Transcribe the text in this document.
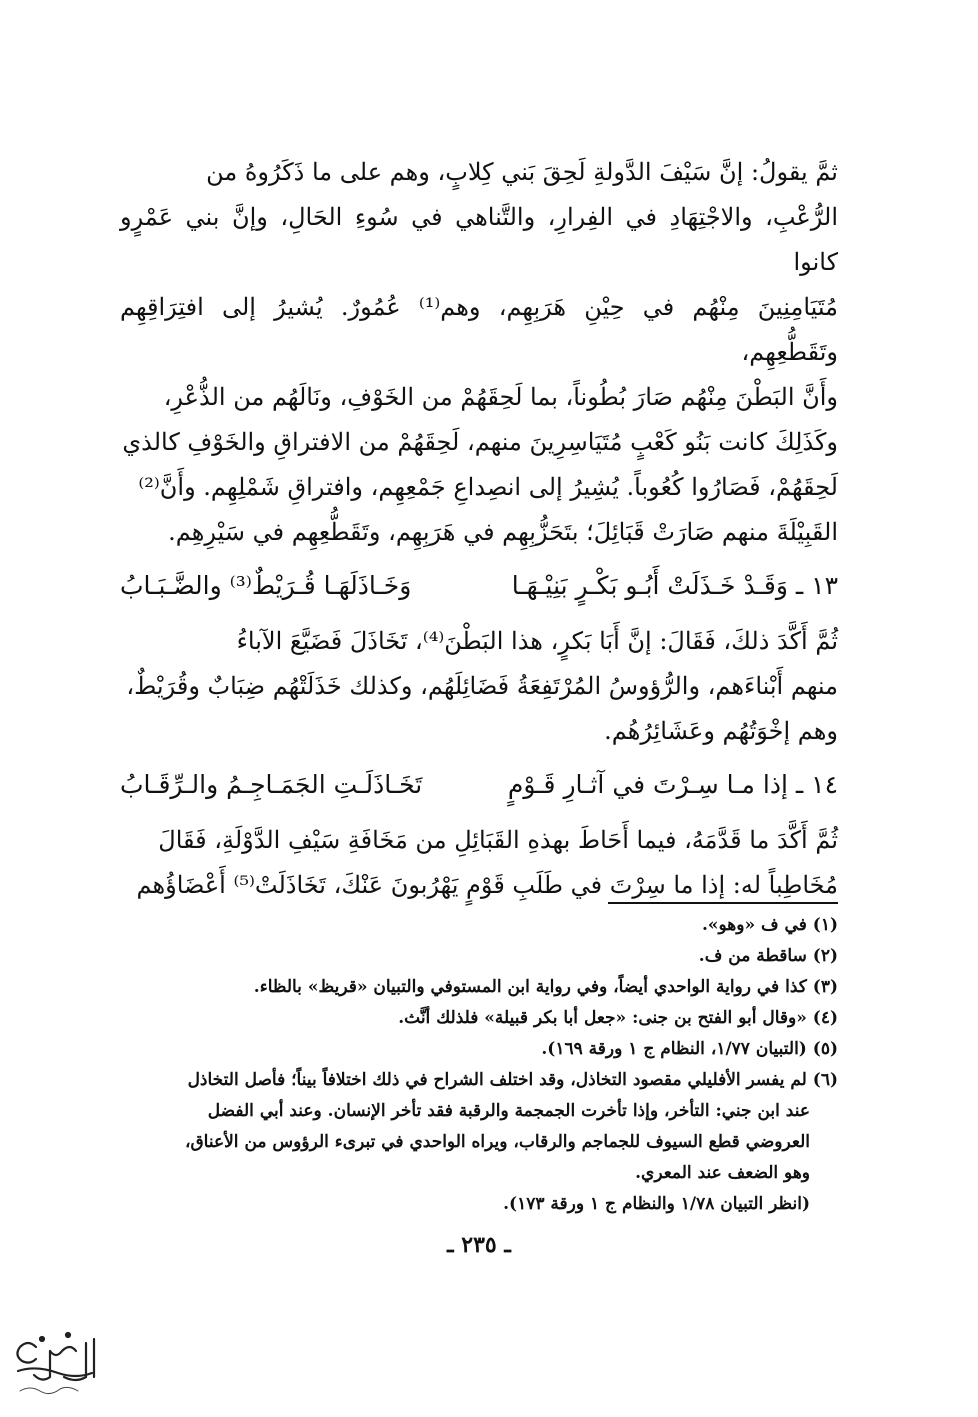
ثمَّ يقولُ: إنَّ سَيْفَ الدَّولةِ لَحِقَ بَني كِلابٍ، وهم على ما ذَكَرُوهُ من

الرُّعْبِ، والاجْتِهَادِ في الفِرارِ، والتَّناهي في سُوءِ الحَالِ، وإنَّ بني عَمْرٍو كانوا

مُتَيَامِنِينَ مِنْهُم في حِيْنِ هَرَبِهِم، وهم⁽¹⁾ عُمُورٌ. يُشيرُ إلى افتِرَاقِهِم وتَقَطُّعِهِم،

وأَنَّ البَطْنَ مِنْهُم صَارَ بُطُوناً، بما لَحِقَهُمْ من الخَوْفِ، ونَالَهُم من الذُّعْرِ،

وكَذَلِكَ كانت بَنُو كَعْبٍ مُتَيَاسِرِينَ منهم، لَحِقَهُمْ من الافتراقِ والخَوْفِ كالذي

لَحِقَهُمْ، فَصَارُوا كُعُوباً. يُشِيرُ إلى انصِداعِ جَمْعِهِم، وافتراقِ شَمْلِهِم. وأَنَّ⁽²⁾

القَبِيْلَةَ منهم صَارَتْ قَبَائِلَ؛ بتَحَزُّبِهِم في هَرَبِهِم، وتَقَطُّعِهِم في سَيْرِهِم.

١٣ ـ وَقَـدْ خَـذَلَتْ أَبُـو بَكْـرٍ بَنِيْـهَـا
وَخَـاذَلَهَـا قُـرَيْطٌ⁽³⁾ والضَّـبَـابُ

ثُمَّ أَكَّدَ ذلكَ، فَقَالَ: إنَّ أَبَا بَكرٍ، هذا البَطْنَ⁽⁴⁾، تَخَاذَلَ فَضَيَّعَ الآباءُ

منهم أَبْناءَهم، والرُّؤوسُ المُرْتَفِعَةُ فَضَائِلَهُم، وكذلك خَذَلَتْهُم ضِبَابٌ وقُرَيْطٌ،

وهم إخْوَتُهُم وعَشَائِرُهُم.

١٤ ـ إذا مـا سِـرْتَ في آثـارِ قَـوْمٍ
تَخَـاذَلَـتِ الجَمَـاجِـمُ والـرِّقَـابُ

ثُمَّ أَكَّدَ ما قَدَّمَهُ، فيما أَحَاطَ بهذهِ القَبَائِلِ من مَخَافَةِ سَيْفِ الدَّوْلَةِ، فَقَالَ

مُخَاطِباً له: إذا ما سِرْتَ في طَلَبِ قَوْمٍ يَهْرُبونَ عَنْكَ، تَخَاذَلَتْ⁽⁵⁾ أَعْضَاؤُهم

(١) في ف «وهو».

(٢) ساقطة من ف.

(٣) كذا في رواية الواحدي أيضاً، وفي رواية ابن المستوفي والتبيان «قريظ» بالظاء.

(٤) «وقال أبو الفتح بن جنى: «جعل أبا بكر قبيلة» فلذلك أنَّث.

(٥) (التبيان ١/٧٧، النظام ج ١ ورقة ١٦٩).

(٦) لم يفسر الأفليلي مقصود التخاذل، وقد اختلف الشراح في ذلك اختلافاً بيناً؛ فأصل التخاذل

عند ابن جني: التأخر، وإذا تأخرت الجمجمة والرقبة فقد تأخر الإنسان. وعند أبي الفضل

العروضي قطع السيوف للجماجم والرقاب، ويراه الواحدي في تبرىء الرؤوس من الأعناق،

وهو الضعف عند المعري.

(انظر التبيان ١/٧٨ والنظام ج ١ ورقة ١٧٣).

ـ ٢٣٥ ـ
